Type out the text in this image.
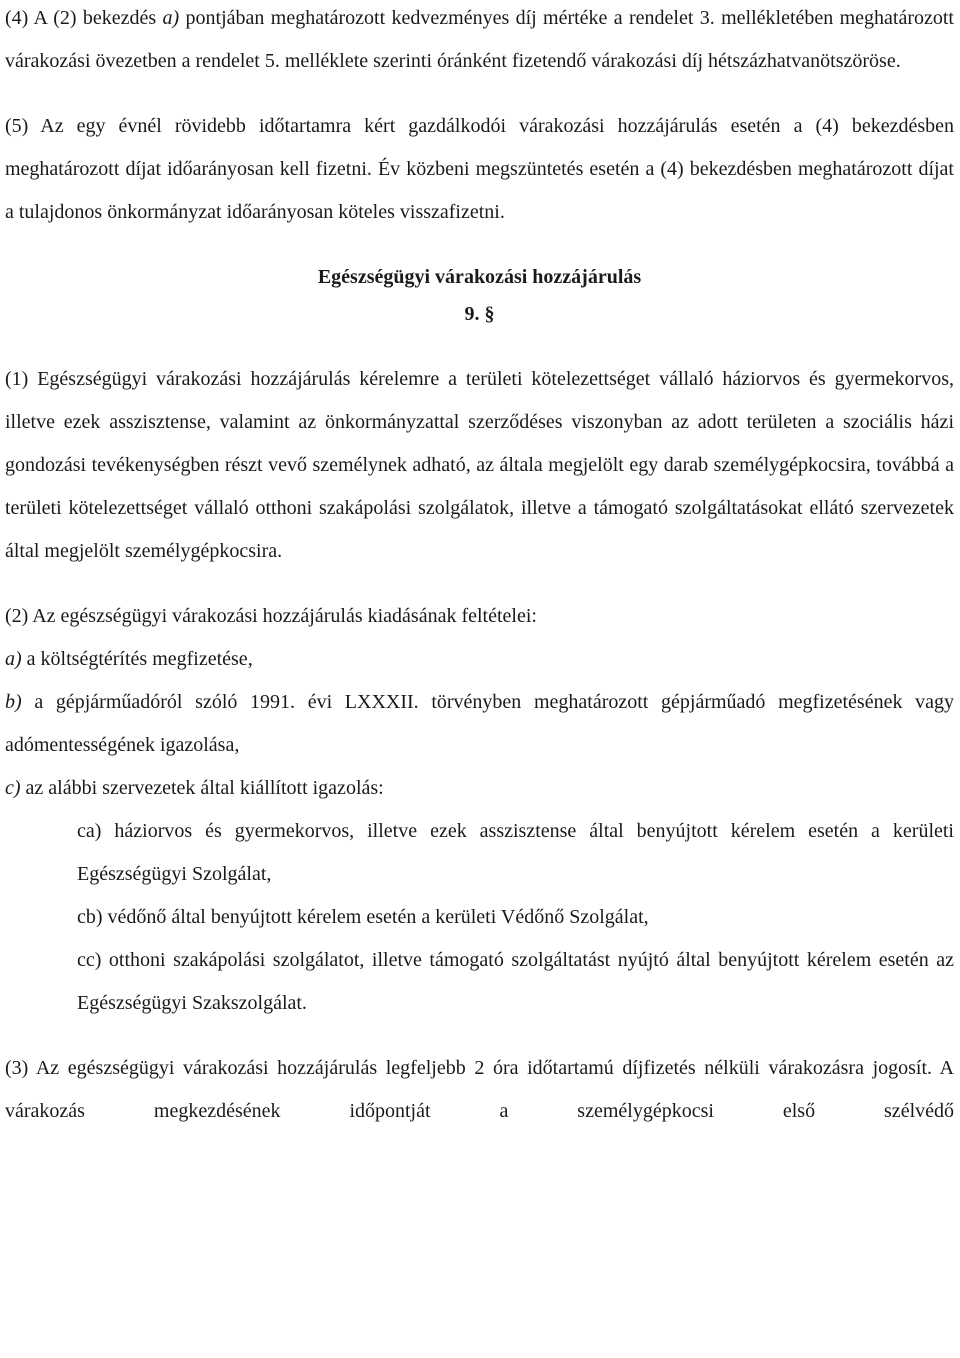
(4) A (2) bekezdés a) pontjában meghatározott kedvezményes díj mértéke a rendelet 3. mellékletében meghatározott várakozási övezetben a rendelet 5. melléklete szerinti óránként fizetendő várakozási díj hétszázhatvanötszöröse.

(5) Az egy évnél rövidebb időtartamra kért gazdálkodói várakozási hozzájárulás esetén a (4) bekezdésben meghatározott díjat időarányosan kell fizetni. Év közbeni megszüntetés esetén a (4) bekezdésben meghatározott díjat a tulajdonos önkormányzat időarányosan köteles visszafizetni.

Egészségügyi várakozási hozzájárulás

9. §

(1) Egészségügyi várakozási hozzájárulás kérelemre a területi kötelezettséget vállaló háziorvos és gyermekorvos, illetve ezek asszisztense, valamint az önkormányzattal szerződéses viszonyban az adott területen a szociális házi gondozási tevékenységben részt vevő személynek adható, az általa megjelölt egy darab személygépkocsira, továbbá a területi kötelezettséget vállaló otthoni szakápolási szolgálatok, illetve a támogató szolgáltatásokat ellátó szervezetek által megjelölt személygépkocsira.

(2) Az egészségügyi várakozási hozzájárulás kiadásának feltételei:

a) a költségtérítés megfizetése,

b) a gépjárműadóról szóló 1991. évi LXXXII. törvényben meghatározott gépjárműadó megfizetésének vagy adómentességének igazolása,

c) az alábbi szervezetek által kiállított igazolás:

ca) háziorvos és gyermekorvos, illetve ezek asszisztense által benyújtott kérelem esetén a kerületi Egészségügyi Szolgálat,

cb) védőnő által benyújtott kérelem esetén a kerületi Védőnő Szolgálat,

cc) otthoni szakápolási szolgálatot, illetve támogató szolgáltatást nyújtó által benyújtott kérelem esetén az Egészségügyi Szakszolgálat.

(3) Az egészségügyi várakozási hozzájárulás legfeljebb 2 óra időtartamú díjfizetés nélküli várakozásra jogosít. A várakozás megkezdésének időpontját a személygépkocsi első szélvédő
